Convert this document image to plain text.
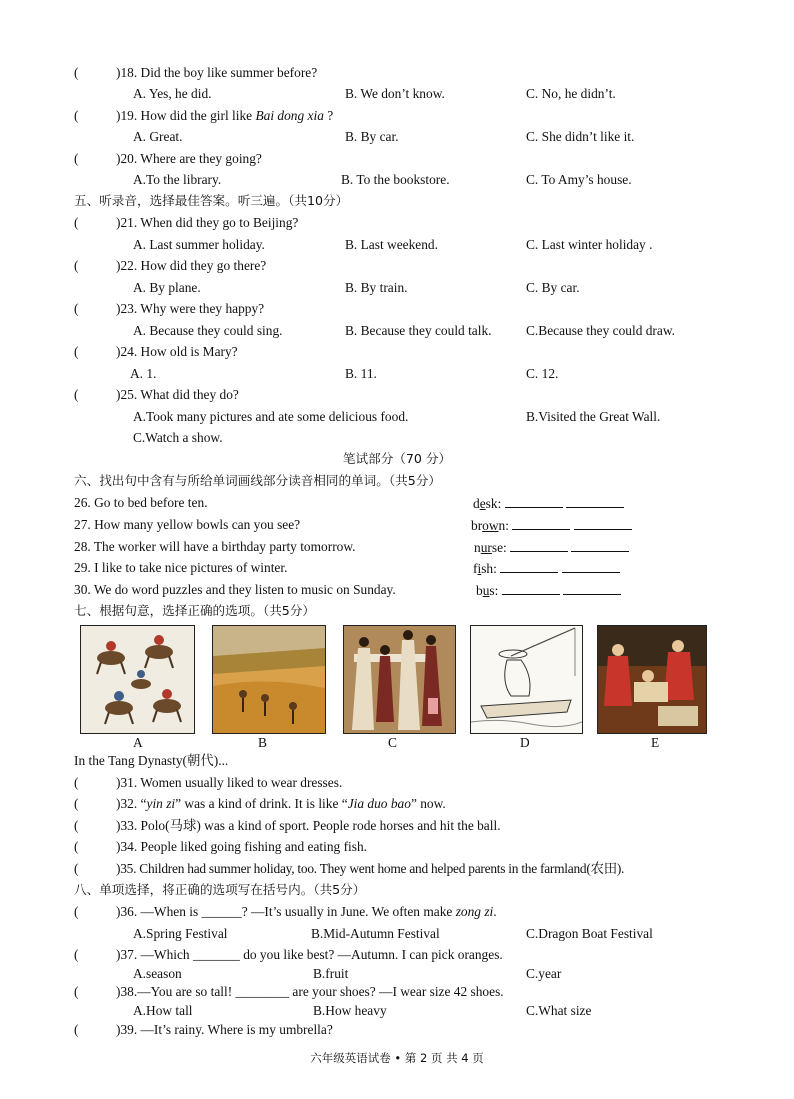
(	)18. Did the boy like summer before?
A. Yes, he did.	B. We don’t know.	C. No, he didn’t.
(	)19. How did the girl like Bai dong xia ?
A. Great.	B. By car.	C. She didn’t like it.
(	)20. Where are they going?
A.To the library.	B. To the bookstore.	C. To Amy’s house.
五、听录音，选择最佳答案。听三遍。（共10分）
(	)21. When did they go to Beijing?
A. Last summer holiday.	B. Last weekend.	C. Last winter holiday .
(	)22. How did they go there?
A. By plane.	B. By train.	C. By car.
(	)23. Why were they happy?
A. Because they could sing.	B. Because they could talk.	C.Because they could draw.
(	)24. How old is Mary?
A. 1.	B. 11.	C. 12.
(	)25. What did they do?
A.Took many pictures and ate some delicious food.	B.Visited the Great Wall.
C.Watch a show.
笔试部分（70 分）
六、找出句中含有与所给单词画线部分读音相同的单词。（共5分）
26. Go to bed before ten.	desk:
27. How many yellow bowls can you see?	brown:
28. The worker will have a birthday party tomorrow.	nurse:
29. I like to take nice pictures of winter.	fish:
30. We do word puzzles and they listen to music on Sunday.	bus:
七、根据句意，选择正确的选项。（共5分）
A	B	C	D	E
In the Tang Dynasty(朝代)...
(	)31. Women usually liked to wear dresses.
(	)32. “yin zi” was a kind of drink. It is like “Jia duo bao” now.
(	)33. Polo(马球) was a kind of sport. People rode horses and hit the ball.
(	)34. People liked going fishing and eating fish.
(	)35. Children had summer holiday, too. They went home and helped parents in the farmland(农田).
八、单项选择，将正确的选项写在括号内。（共5分）
(	)36. —When is ______? —It’s usually in June. We often make zong zi.
A.Spring Festival	B.Mid-Autumn Festival	C.Dragon Boat Festival
(	)37. —Which _______ do you like best? —Autumn. I can pick oranges.
A.season	B.fruit	C.year
(	)38.—You are so tall! ________ are your shoes? —I wear size 42 shoes.
A.How tall	B.How heavy	C.What size
(	)39. —It’s rainy. Where is my umbrella?
六年级英语试卷 • 第 2 页 共 4 页
